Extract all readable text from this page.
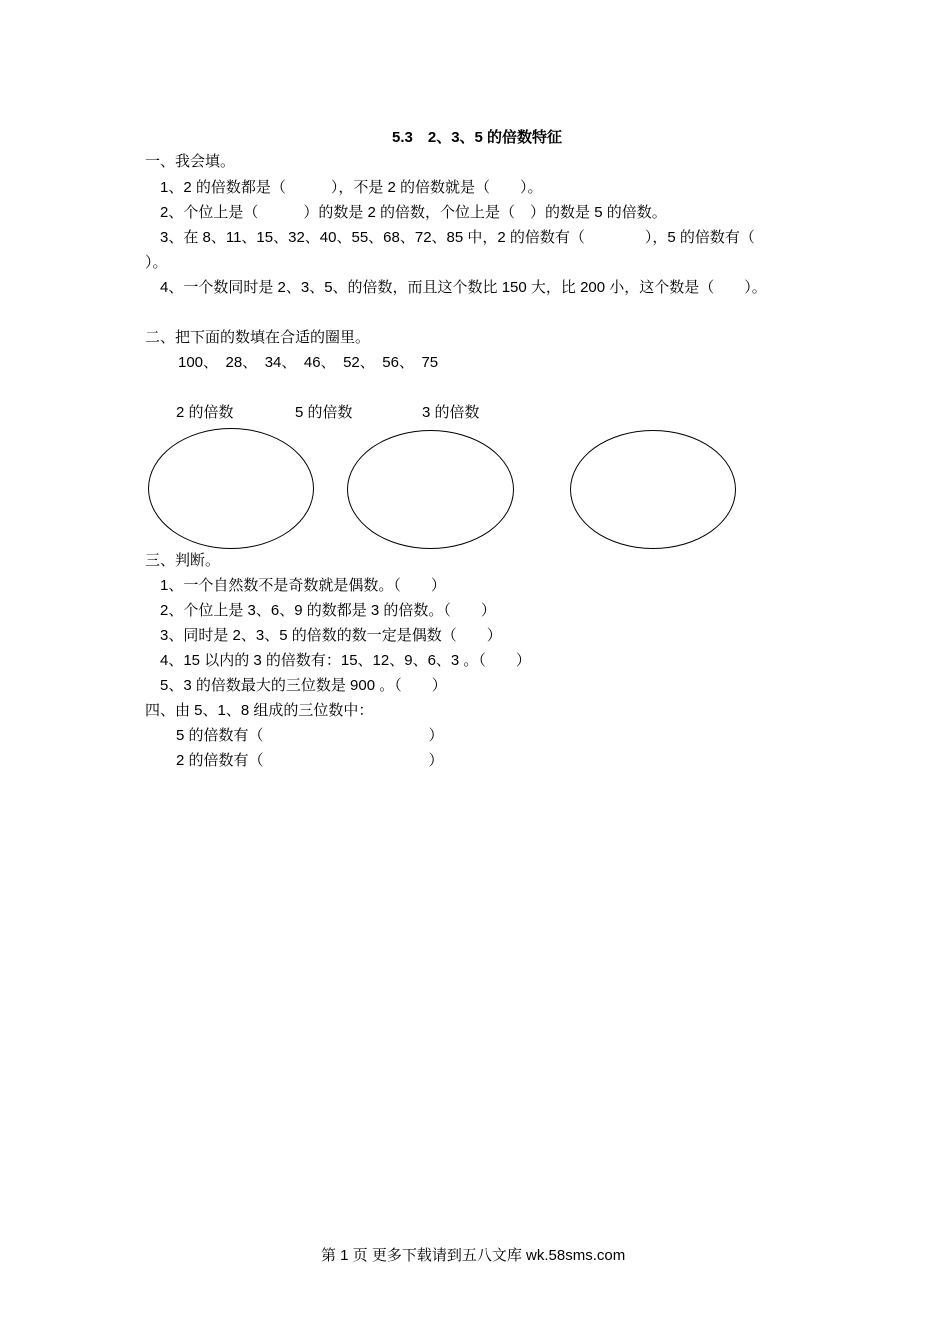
5.3　2、3、5 的倍数特征
一、我会填。
1、2 的倍数都是（　　　），不是 2 的倍数就是（　　）。
2、个位上是（　　　）的数是 2 的倍数，个位上是（　）的数是 5 的倍数。
3、在 8、11、15、32、40、55、68、72、85 中，2 的倍数有（　　　　），5 的倍数有（
）。
4、一个数同时是 2、3、5、的倍数，而且这个数比 150 大，比 200 小，这个数是（　　）。
二、把下面的数填在合适的圈里。
100、　28、　34、　46、　52、　56、　75
2 的倍数	5 的倍数	3 的倍数
三、判断。
1、一个自然数不是奇数就是偶数。（　　）
2、个位上是 3、6、9 的数都是 3 的倍数。（　　）
3、同时是 2、3、5 的倍数的数一定是偶数（　　）
4、15 以内的 3 的倍数有：15、12、9、6、3 。（　　）
5、3 的倍数最大的三位数是 900 。（　　）
四、由 5、1、8 组成的三位数中：
5 的倍数有（　　　　　　　　　　　）
2 的倍数有（　　　　　　　　　　　）
第 1 页 更多下载请到五八文库 wk.58sms.com
